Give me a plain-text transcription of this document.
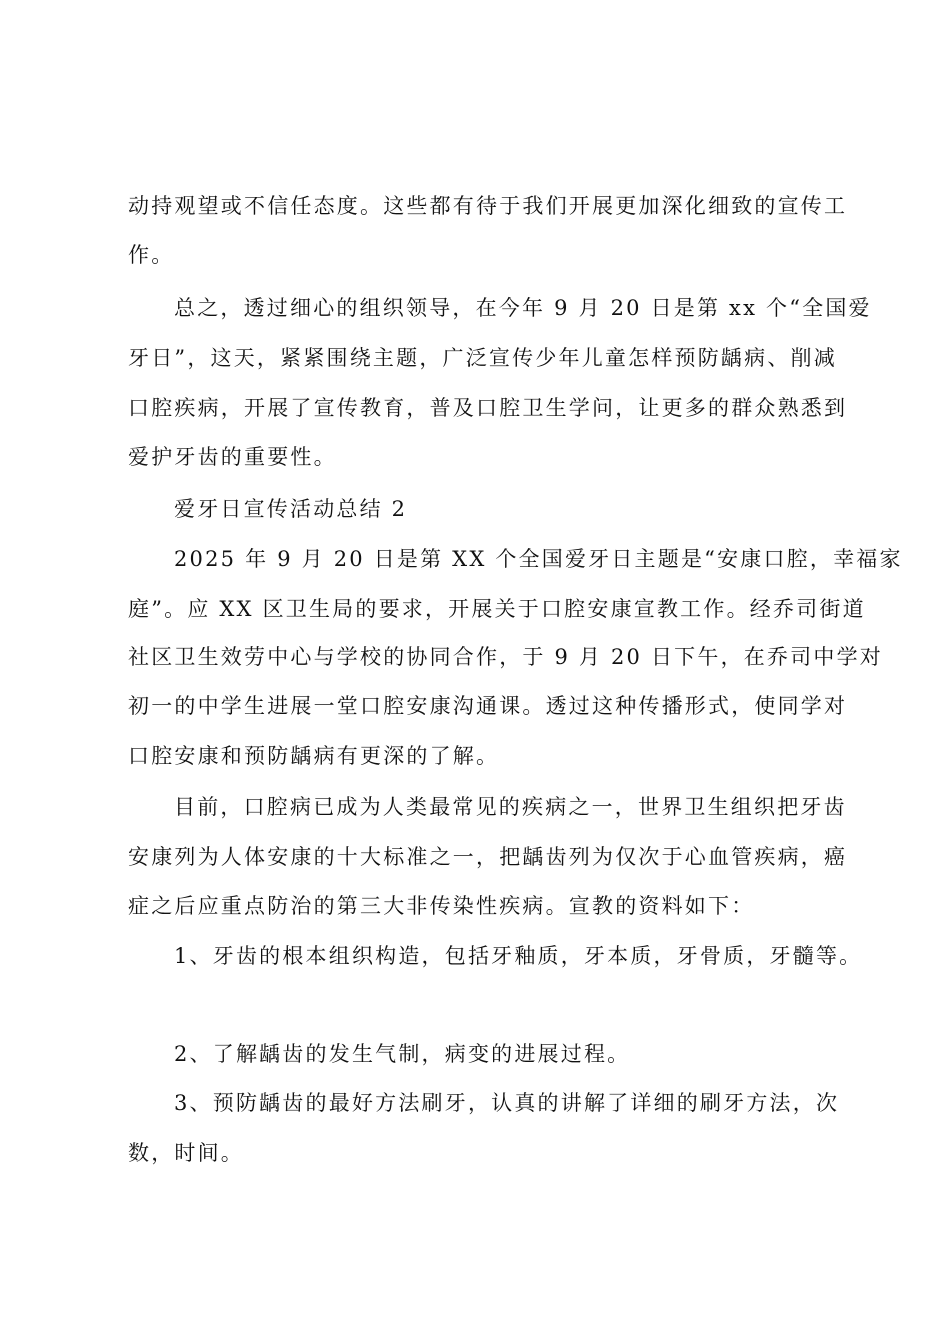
动持观望或不信任态度。这些都有待于我们开展更加深化细致的宣传工
作。
总之，透过细心的组织领导，在今年 9 月 20 日是第 xx 个“全国爱
牙日”，这天，紧紧围绕主题，广泛宣传少年儿童怎样预防龋病、削减
口腔疾病，开展了宣传教育，普及口腔卫生学问，让更多的群众熟悉到
爱护牙齿的重要性。
爱牙日宣传活动总结 2
2025 年 9 月 20 日是第 XX 个全国爱牙日主题是“安康口腔，幸福家
庭”。应 XX 区卫生局的要求，开展关于口腔安康宣教工作。经乔司街道
社区卫生效劳中心与学校的协同合作，于 9 月 20 日下午，在乔司中学对
初一的中学生进展一堂口腔安康沟通课。透过这种传播形式，使同学对
口腔安康和预防龋病有更深的了解。
目前，口腔病已成为人类最常见的疾病之一，世界卫生组织把牙齿
安康列为人体安康的十大标准之一，把龋齿列为仅次于心血管疾病，癌
症之后应重点防治的第三大非传染性疾病。宣教的资料如下：
1、牙齿的根本组织构造，包括牙釉质，牙本质，牙骨质，牙髓等。
2、了解龋齿的发生气制，病变的进展过程。
3、预防龋齿的最好方法刷牙，认真的讲解了详细的刷牙方法，次
数，时间。
